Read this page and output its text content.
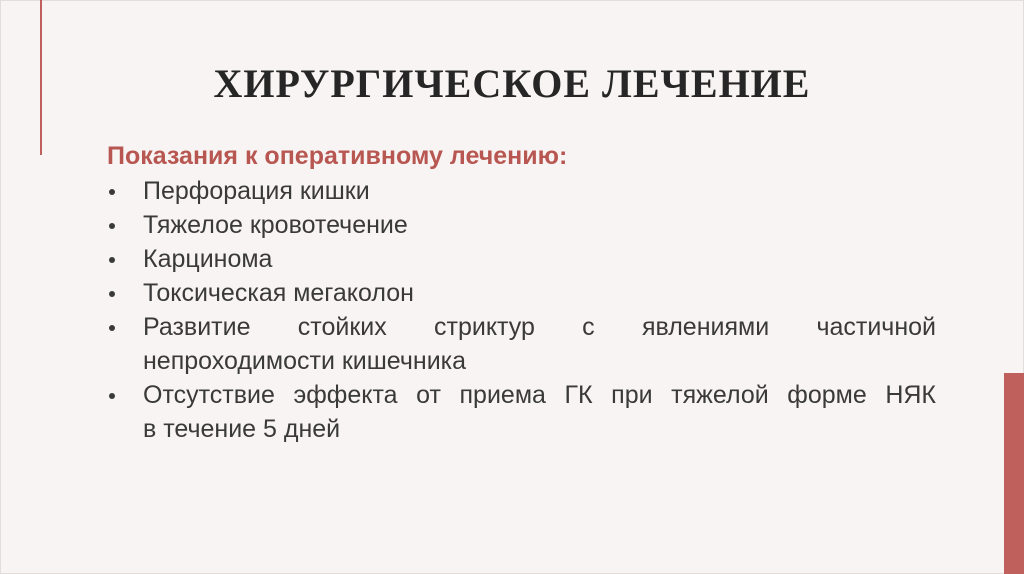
ХИРУРГИЧЕСКОЕ ЛЕЧЕНИЕ

Показания к оперативному лечению:

Перфорация кишки
Тяжелое кровотечение
Карцинома
Токсическая мегаколон
Развитие стойких стриктур с явлениями частичной
непроходимости кишечника
Отсутствие эффекта от приема ГК при тяжелой форме НЯК
в течение 5 дней
